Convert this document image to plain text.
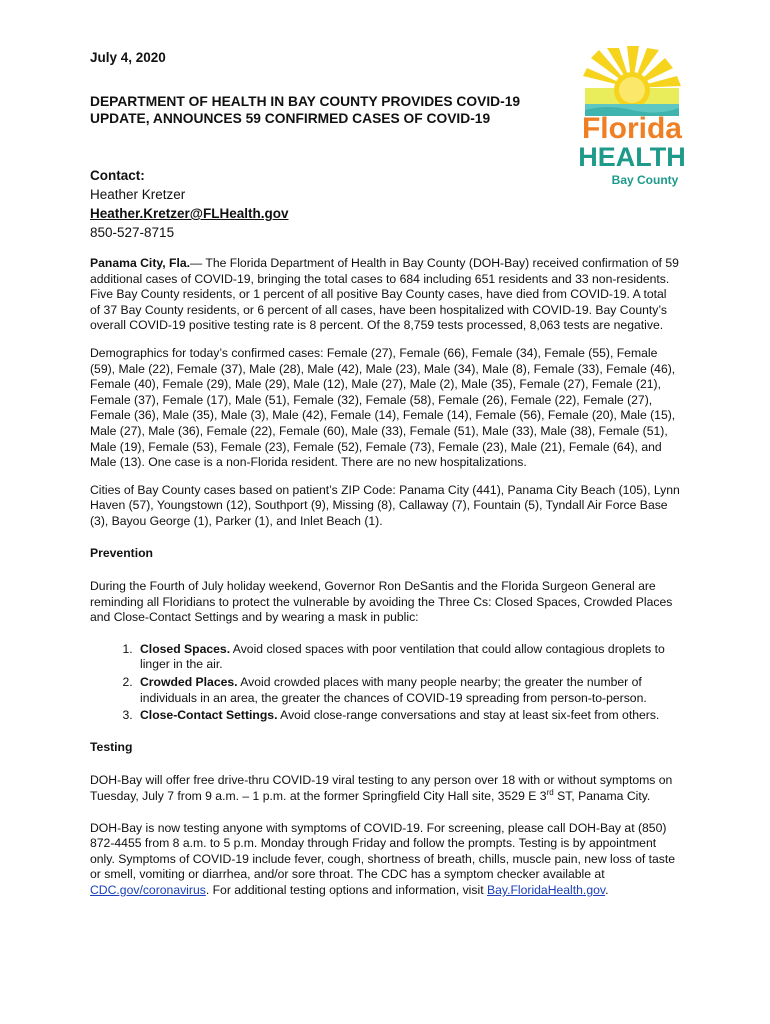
July 4, 2020
DEPARTMENT OF HEALTH IN BAY COUNTY PROVIDES COVID-19 UPDATE, ANNOUNCES 59 CONFIRMED CASES OF COVID-19
Contact:
Heather Kretzer
Heather.Kretzer@FLHealth.gov
850-527-8715
Florida
HEALTH
Bay County

Panama City, Fla.— The Florida Department of Health in Bay County (DOH-Bay) received confirmation of 59 additional cases of COVID-19, bringing the total cases to 684 including 651 residents and 33 non-residents. Five Bay County residents, or 1 percent of all positive Bay County cases, have died from COVID-19. A total of 37 Bay County residents, or 6 percent of all cases, have been hospitalized with COVID-19. Bay County’s overall COVID-19 positive testing rate is 8 percent. Of the 8,759 tests processed, 8,063 tests are negative.

Demographics for today’s confirmed cases: Female (27), Female (66), Female (34), Female (55), Female (59), Male (22), Female (37), Male (28), Male (42), Male (23), Male (34), Male (8), Female (33), Female (46), Female (40), Female (29), Male (29), Male (12), Male (27), Male (2), Male (35), Female (27), Female (21), Female (37), Female (17), Male (51), Female (32), Female (58), Female (26), Female (22), Female (27), Female (36), Male (35), Male (3), Male (42), Female (14), Female (14), Female (56), Female (20), Male (15), Male (27), Male (36), Female (22), Female (60), Male (33), Female (51), Male (33), Male (38), Female (51), Male (19), Female (53), Female (23), Female (52), Female (73), Female (23), Male (21), Female (64), and Male (13). One case is a non-Florida resident. There are no new hospitalizations.

Cities of Bay County cases based on patient’s ZIP Code: Panama City (441), Panama City Beach (105), Lynn Haven (57), Youngstown (12), Southport (9), Missing (8), Callaway (7), Fountain (5), Tyndall Air Force Base (3), Bayou George (1), Parker (1), and Inlet Beach (1).

Prevention

During the Fourth of July holiday weekend, Governor Ron DeSantis and the Florida Surgeon General are reminding all Floridians to protect the vulnerable by avoiding the Three Cs: Closed Spaces, Crowded Places and Close-Contact Settings and by wearing a mask in public:

1. Closed Spaces. Avoid closed spaces with poor ventilation that could allow contagious droplets to linger in the air.
2. Crowded Places. Avoid crowded places with many people nearby; the greater the number of individuals in an area, the greater the chances of COVID-19 spreading from person-to-person.
3. Close-Contact Settings. Avoid close-range conversations and stay at least six-feet from others.

Testing

DOH-Bay will offer free drive-thru COVID-19 viral testing to any person over 18 with or without symptoms on Tuesday, July 7 from 9 a.m. – 1 p.m. at the former Springfield City Hall site, 3529 E 3rd ST, Panama City.

DOH-Bay is now testing anyone with symptoms of COVID-19. For screening, please call DOH-Bay at (850) 872-4455 from 8 a.m. to 5 p.m. Monday through Friday and follow the prompts. Testing is by appointment only. Symptoms of COVID-19 include fever, cough, shortness of breath, chills, muscle pain, new loss of taste or smell, vomiting or diarrhea, and/or sore throat. The CDC has a symptom checker available at CDC.gov/coronavirus. For additional testing options and information, visit Bay.FloridaHealth.gov.
